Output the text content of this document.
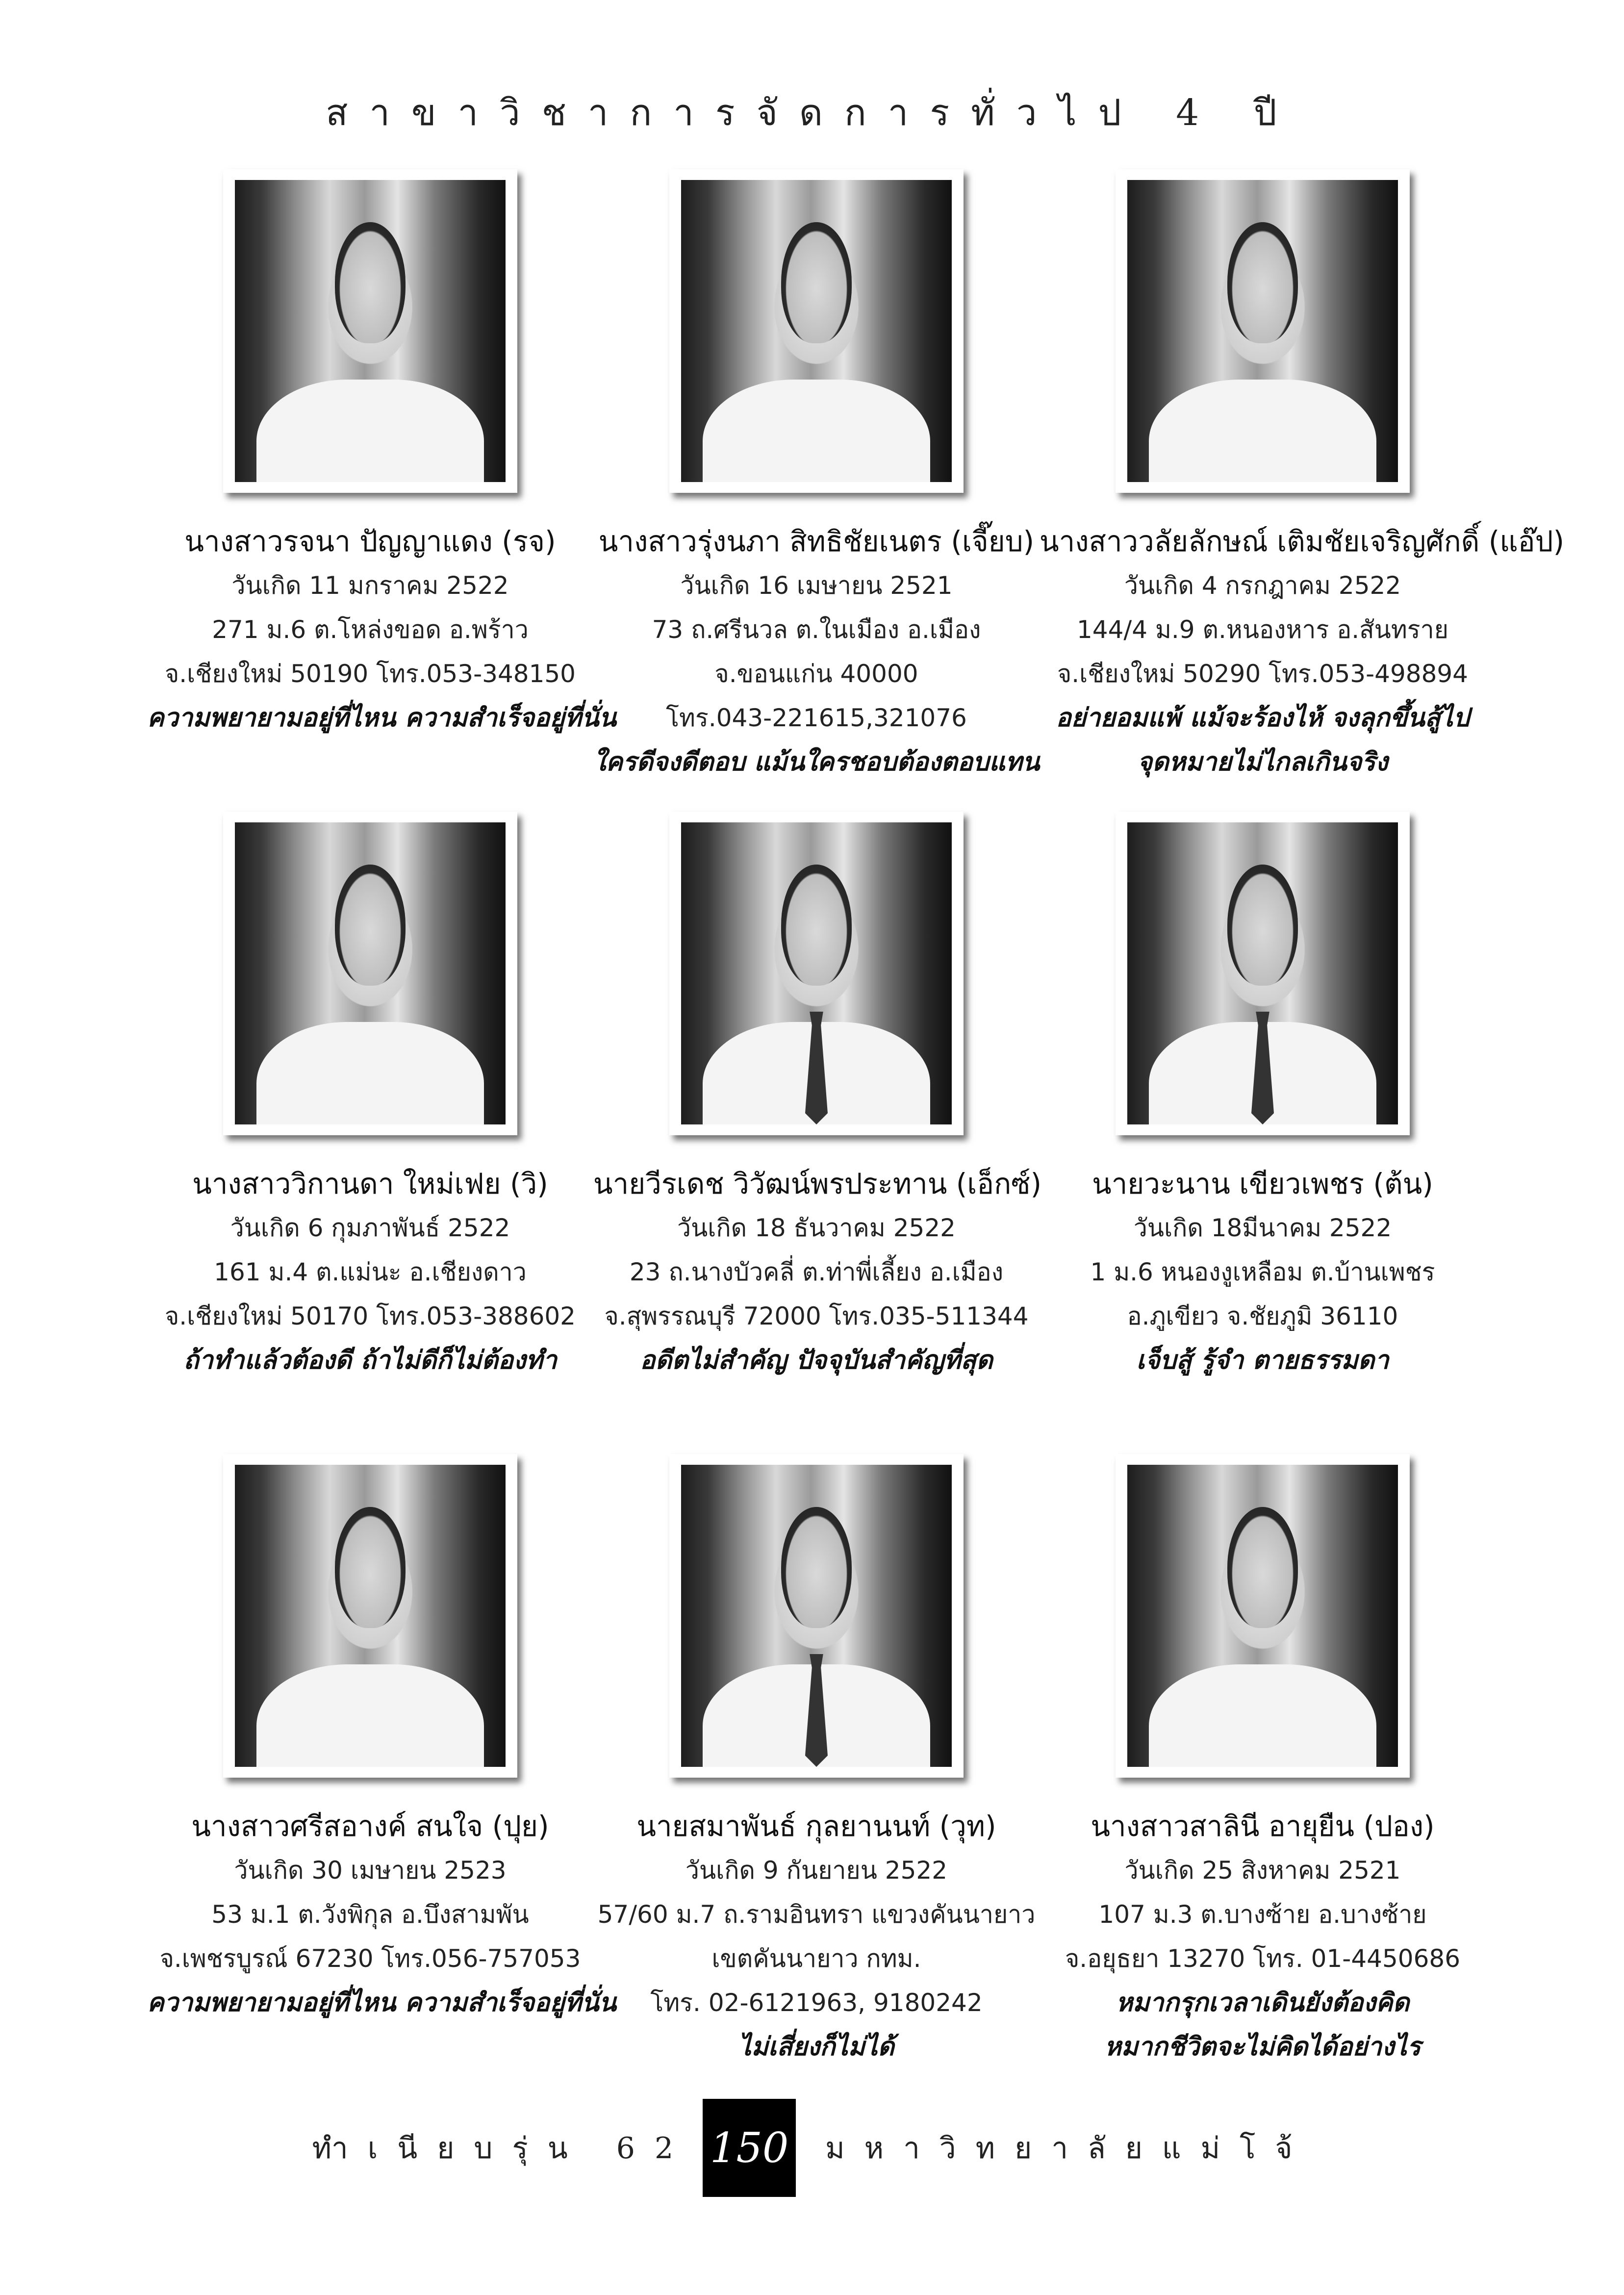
สาขาวิชาการจัดการทั่วไป 4 ปี
นางสาวรจนา ปัญญาแดง (รจ)
วันเกิด 11 มกราคม 2522
271 ม.6 ต.โหล่งขอด อ.พร้าว
จ.เชียงใหม่ 50190 โทร.053-348150
ความพยายามอยู่ที่ไหน ความสำเร็จอยู่ที่นั่น
นางสาวรุ่งนภา สิทธิชัยเนตร (เจี๊ยบ)
วันเกิด 16 เมษายน 2521
73 ถ.ศรีนวล ต.ในเมือง อ.เมือง
จ.ขอนแก่น 40000
โทร.043-221615,321076
ใครดีจงดีตอบ แม้นใครชอบต้องตอบแทน
นางสาววลัยลักษณ์ เติมชัยเจริญศักดิ์ (แอ๊ป)
วันเกิด 4 กรกฎาคม 2522
144/4 ม.9 ต.หนองหาร อ.สันทราย
จ.เชียงใหม่ 50290 โทร.053-498894
อย่ายอมแพ้ แม้จะร้องไห้ จงลุกขึ้นสู้ไป
จุดหมายไม่ไกลเกินจริง
นางสาววิกานดา ใหม่เฟย (วิ)
วันเกิด 6 กุมภาพันธ์ 2522
161 ม.4 ต.แม่นะ อ.เชียงดาว
จ.เชียงใหม่ 50170 โทร.053-388602
ถ้าทำแล้วต้องดี ถ้าไม่ดีก็ไม่ต้องทำ
นายวีรเดช วิวัฒน์พรประทาน (เอ็กซ์)
วันเกิด 18 ธันวาคม 2522
23 ถ.นางบัวคลี่ ต.ท่าพี่เลี้ยง อ.เมือง
จ.สุพรรณบุรี 72000 โทร.035-511344
อดีตไม่สำคัญ ปัจจุบันสำคัญที่สุด
นายวะนาน เขียวเพชร (ต้น)
วันเกิด 18มีนาคม 2522
1 ม.6 หนองงูเหลือม ต.บ้านเพชร
อ.ภูเขียว จ.ชัยภูมิ 36110
เจ็บสู้ รู้จำ ตายธรรมดา
นางสาวศรีสอางค์ สนใจ (ปุย)
วันเกิด 30 เมษายน 2523
53 ม.1 ต.วังพิกุล อ.บึงสามพัน
จ.เพชรบูรณ์ 67230 โทร.056-757053
ความพยายามอยู่ที่ไหน ความสำเร็จอยู่ที่นั่น
นายสมาพันธ์ กุลยานนท์ (วุท)
วันเกิด 9 กันยายน 2522
57/60 ม.7 ถ.รามอินทรา แขวงคันนายาว
เขตคันนายาว กทม.
โทร. 02-6121963, 9180242
ไม่เสี่ยงก็ไม่ได้
นางสาวสาลินี อายุยืน (ปอง)
วันเกิด 25 สิงหาคม 2521
107 ม.3 ต.บางซ้าย อ.บางซ้าย
จ.อยุธยา 13270 โทร. 01-4450686
หมากรุกเวลาเดินยังต้องคิด
หมากชีวิตจะไม่คิดได้อย่างไร
ทำเนียบรุ่น 62 150 มหาวิทยาลัยแม่โจ้
